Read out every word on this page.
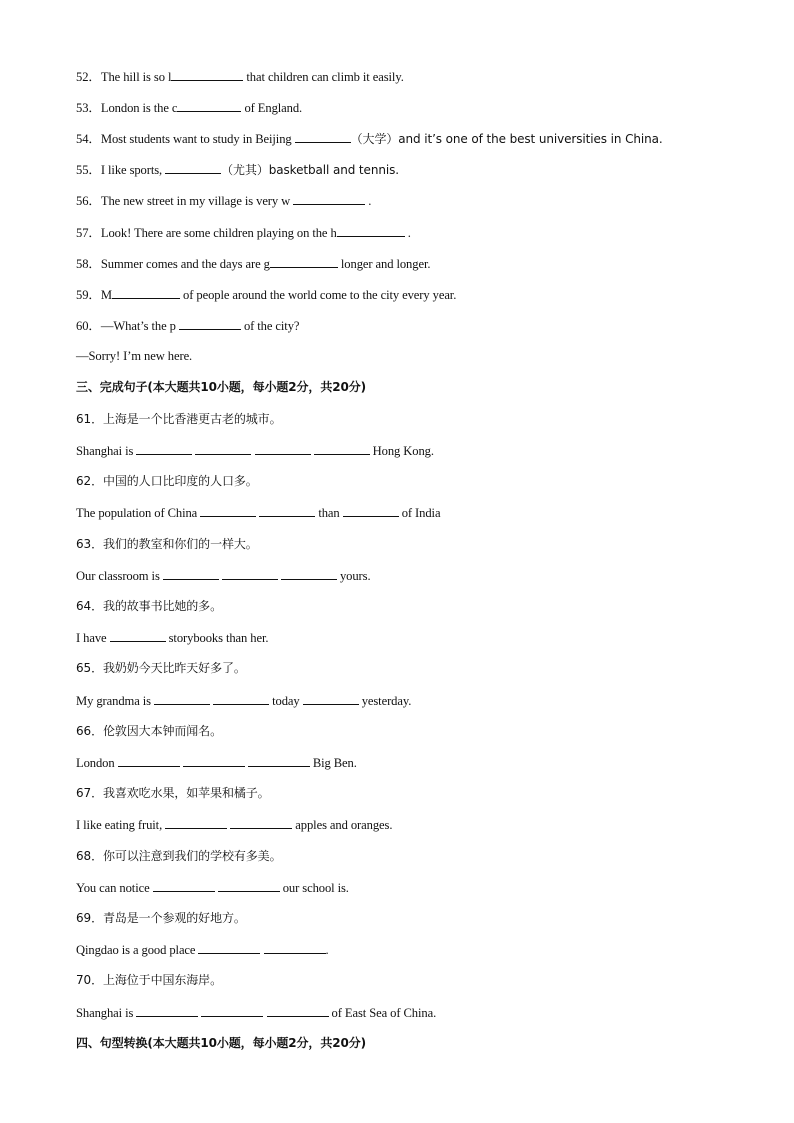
52．The hill is so l	that children can climb it easily.
53．London is the c	of England.
54．Most students want to study in Beijing	（大学）and it’s one of the best universities in China.
55．I like sports,	（尤其）basketball and tennis.
56．The new street in my village is very w	.
57．Look! There are some children playing on the h	.
58．Summer comes and the days are g	longer and longer.
59．M	of people around the world come to the city every year.
60．—What’s the p	of the city?
—Sorry! I’m new here.
三、完成句子(本大题共10小题，每小题2分，共20分)
61．上海是一个比香港更古老的城市。
Shanghai is	Hong Kong.
62．中国的人口比印度的人口多。
The population of China	than	of India
63．我们的教室和你们的一样大。
Our classroom is	yours.
64．我的故事书比她的多。
I have	storybooks than her.
65．我奶奶今天比昨天好多了。
My grandma is	today	yesterday.
66．伦敦因大本钟而闻名。
London	Big Ben.
67．我喜欢吃水果，如苹果和橘子。
I like eating fruit,	apples and oranges.
68．你可以注意到我们的学校有多美。
You can notice	our school is.
69．青岛是一个参观的好地方。
Qingdao is a good place	.
70．上海位于中国东海岸。
Shanghai is	of East Sea of China.
四、句型转换(本大题共10小题，每小题2分，共20分)
